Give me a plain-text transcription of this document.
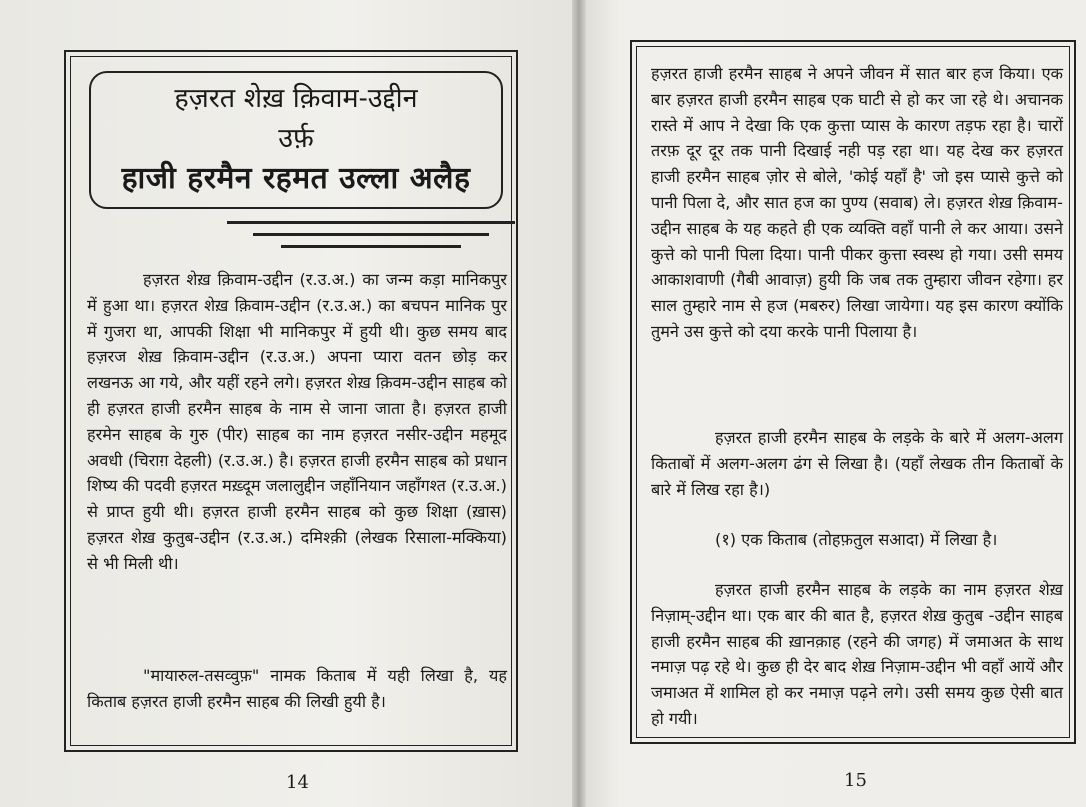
हज़रत शेख़ क़िवाम-उद्दीन

उर्फ़

हाजी हरमैन रहमत उल्ला अलैह

हज़रत शेख़ क़िवाम-उद्दीन (र.उ.अ.) का जन्म कड़ा मानिकपुर में हुआ था। हज़रत शेख़ क़िवाम-उद्दीन (र.उ.अ.) का बचपन मानिक पुर में गुजरा था, आपकी शिक्षा भी मानिकपुर में हुयी थी। कुछ समय बाद हज़रज शेख़ क़िवाम-उद्दीन (र.उ.अ.) अपना प्यारा वतन छोड़ कर लखनऊ आ गये, और यहीं रहने लगे। हज़रत शेख़ क़िवम-उद्दीन साहब को ही हज़रत हाजी हरमैन साहब के नाम से जाना जाता है। हज़रत हाजी हरमेन साहब के गुरु (पीर) साहब का नाम हज़रत नसीर-उद्दीन महमूद अवधी (चिराग़ देहली) (र.उ.अ.) है। हज़रत हाजी हरमैन साहब को प्रधान शिष्य की पदवी हज़रत मख़्दूम जलालुद्दीन जहाँनियान जहाँगश्त (र.उ.अ.) से प्राप्त हुयी थी। हज़रत हाजी हरमैन साहब को कुछ शिक्षा (ख़ास) हज़रत शेख़ कुतुब-उद्दीन (र.उ.अ.) दमिश्क़ी (लेखक रिसाला-मक्किया) से भी मिली थी।

"मायारुल-तसव्वुफ़" नामक किताब में यही लिखा है, यह किताब हज़रत हाजी हरमैन साहब की लिखी हुयी है।

14

हज़रत हाजी हरमैन साहब ने अपने जीवन में सात बार हज किया। एक बार हज़रत हाजी हरमैन साहब एक घाटी से हो कर जा रहे थे। अचानक रास्ते में आप ने देखा कि एक कुत्ता प्यास के कारण तड़फ रहा है। चारों तरफ़ दूर दूर तक पानी दिखाई नही पड़ रहा था। यह देख कर हज़रत हाजी हरमैन साहब ज़ोर से बोले, 'कोई यहाँ है' जो इस प्यासे कुत्ते को पानी पिला दे, और सात हज का पुण्य (सवाब) ले। हज़रत शेख़ क़िवाम-उद्दीन साहब के यह कहते ही एक व्यक्ति वहाँ पानी ले कर आया। उसने कुत्ते को पानी पिला दिया। पानी पीकर कुत्ता स्वस्थ हो गया। उसी समय आकाशवाणी (गैबी आवाज़) हुयी कि जब तक तुम्हारा जीवन रहेगा। हर साल तुम्हारे नाम से हज (मबरुर) लिखा जायेगा। यह इस कारण क्योंकि तुमने उस कुत्ते को दया करके पानी पिलाया है।

हज़रत हाजी हरमैन साहब के लड़के के बारे में अलग-अलग किताबों में अलग-अलग ढंग से लिखा है। (यहाँ लेखक तीन किताबों के बारे में लिख रहा है।)

(१) एक किताब (तोहफ़तुल सआदा) में लिखा है।

हज़रत हाजी हरमैन साहब के लड़के का नाम हज़रत शेख़ निज़ाम्-उद्दीन था। एक बार की बात है, हज़रत शेख़ कुतुब -उद्दीन साहब हाजी हरमैन साहब की ख़ानक़ाह (रहने की जगह) में जमाअत के साथ नमाज़ पढ़ रहे थे। कुछ ही देर बाद शेख़ निज़ाम-उद्दीन भी वहाँ आयें और जमाअत में शामिल हो कर नमाज़ पढ़ने लगे। उसी समय कुछ ऐसी बात हो गयी।

15
